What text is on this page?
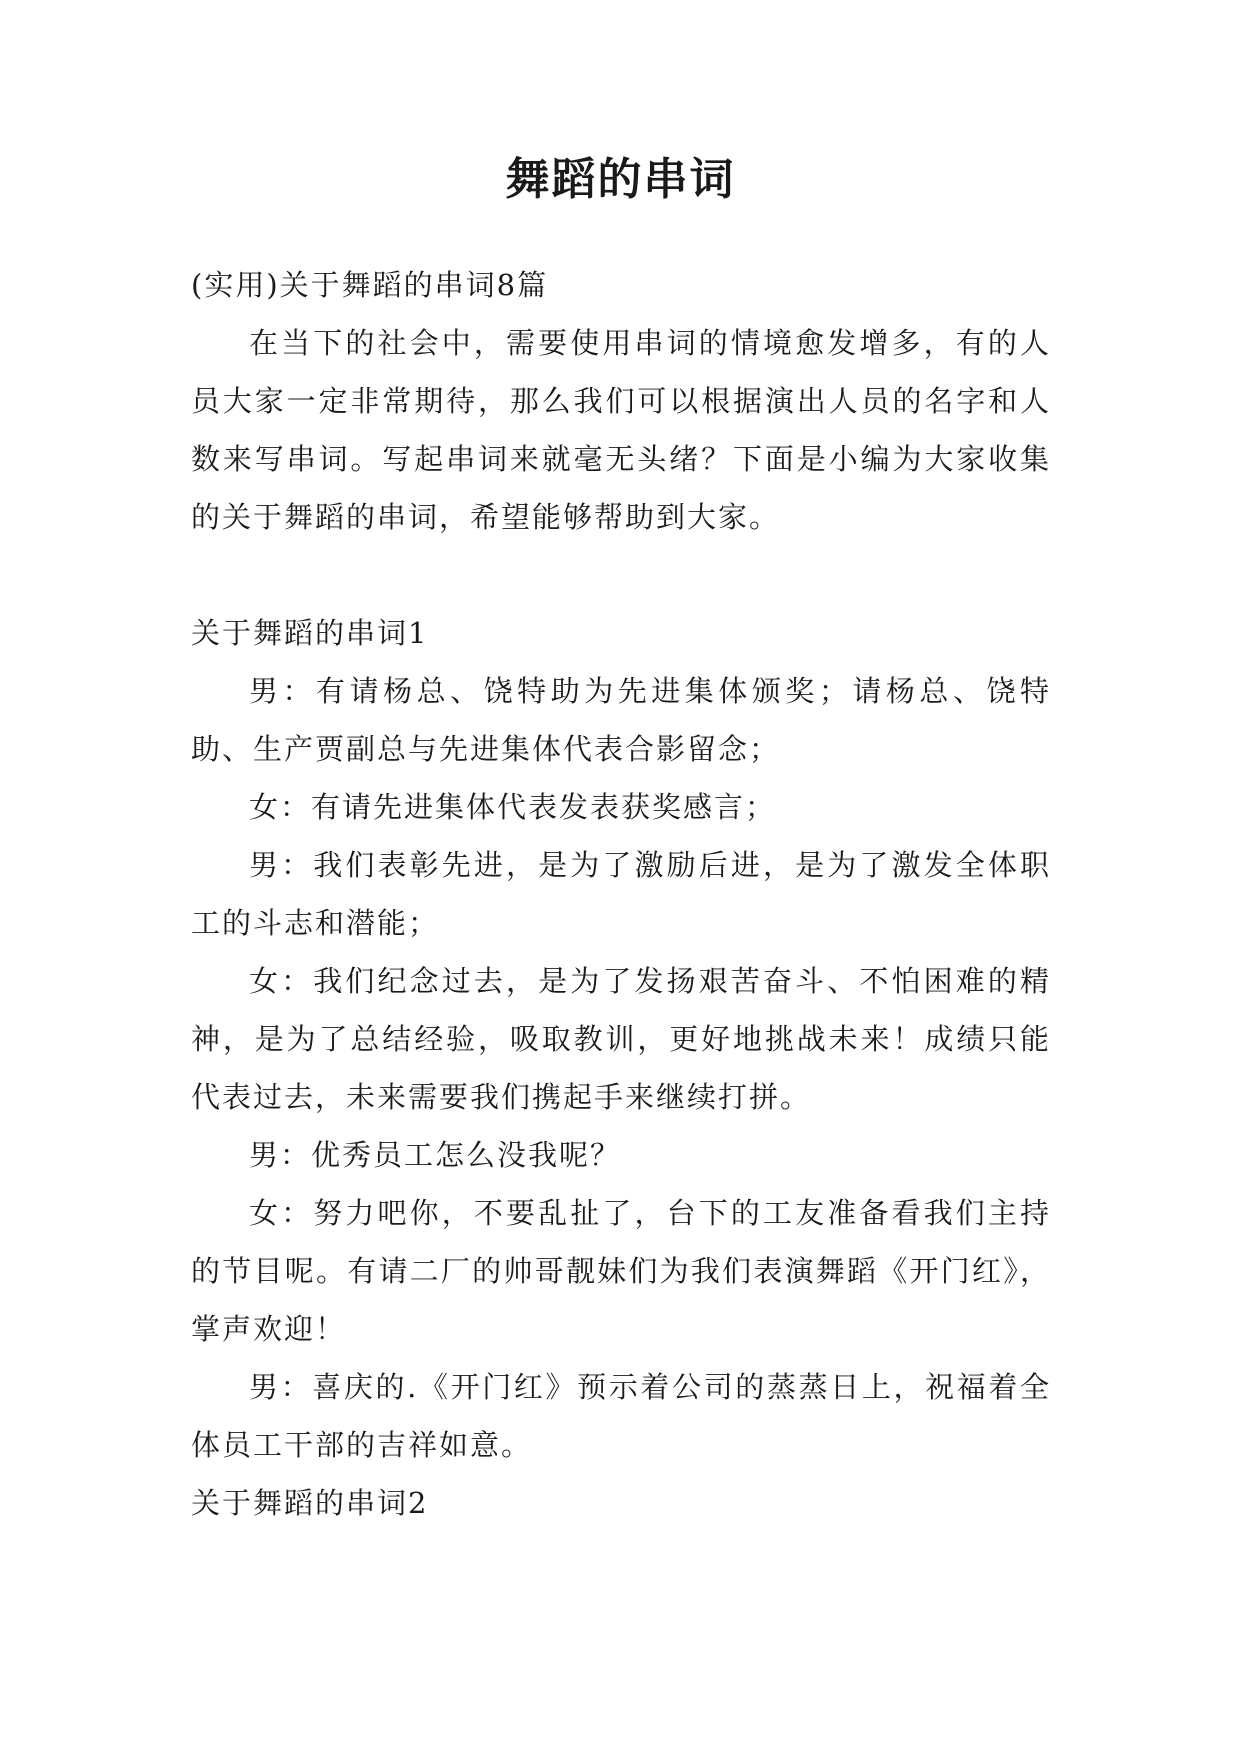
舞蹈的串词

(实用)关于舞蹈的串词8篇

在当下的社会中，需要使用串词的情境愈发增多，有的人员大家一定非常期待，那么我们可以根据演出人员的名字和人数来写串词。写起串词来就毫无头绪？下面是小编为大家收集的关于舞蹈的串词，希望能够帮助到大家。

关于舞蹈的串词1

男：有请杨总、饶特助为先进集体颁奖；请杨总、饶特助、生产贾副总与先进集体代表合影留念；

女：有请先进集体代表发表获奖感言；

男：我们表彰先进，是为了激励后进，是为了激发全体职工的斗志和潜能；

女：我们纪念过去，是为了发扬艰苦奋斗、不怕困难的精神，是为了总结经验，吸取教训，更好地挑战未来！成绩只能代表过去，未来需要我们携起手来继续打拼。

男：优秀员工怎么没我呢？

女：努力吧你，不要乱扯了，台下的工友准备看我们主持的节目呢。有请二厂的帅哥靓妹们为我们表演舞蹈《开门红》，掌声欢迎！

男：喜庆的.《开门红》预示着公司的蒸蒸日上，祝福着全体员工干部的吉祥如意。

关于舞蹈的串词2
